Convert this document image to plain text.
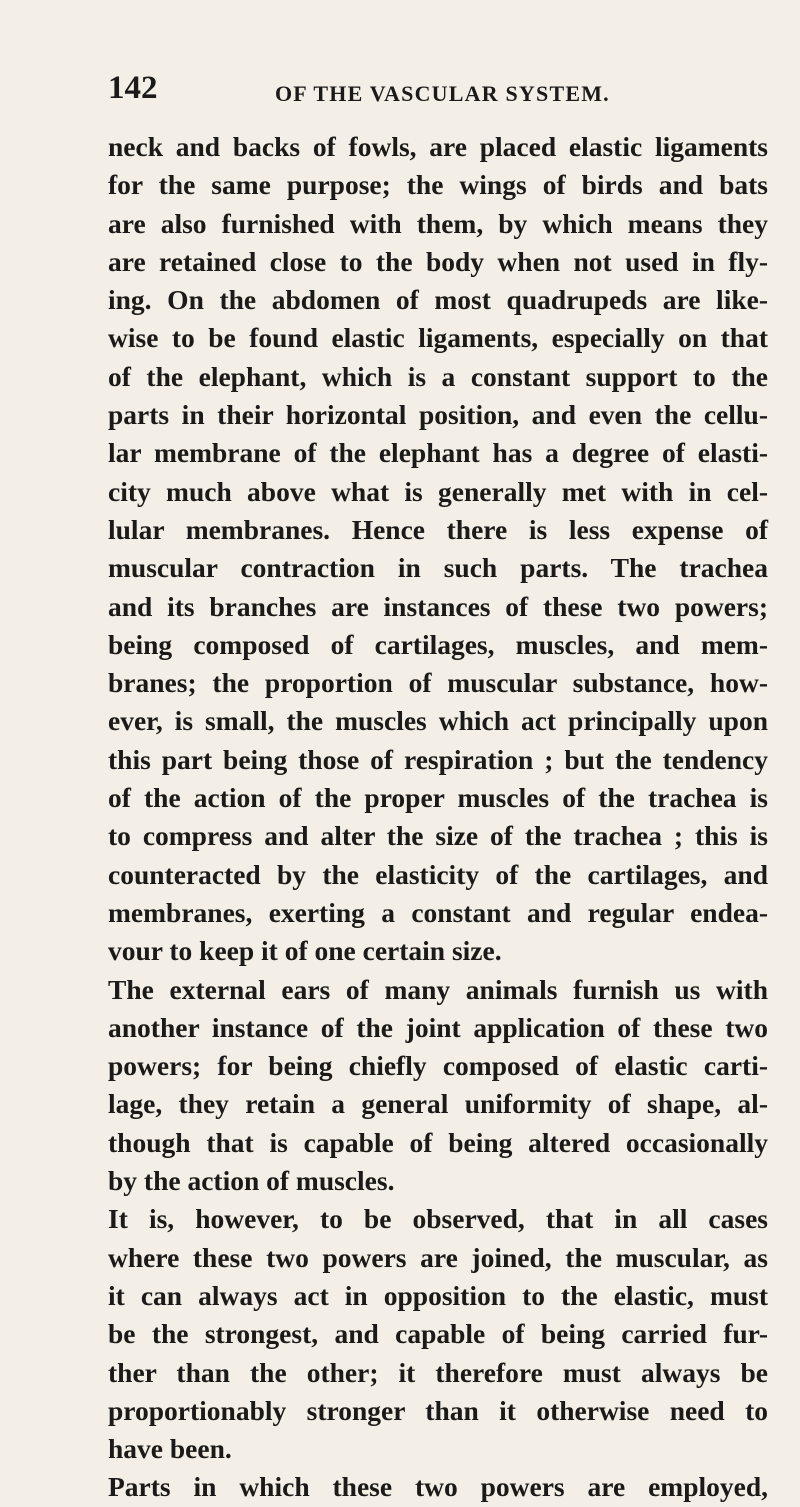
142	OF THE VASCULAR SYSTEM.
neck and backs of fowls, are placed elastic ligaments
for the same purpose; the wings of birds and bats
are also furnished with them, by which means they
are retained close to the body when not used in fly-
ing. On the abdomen of most quadrupeds are like-
wise to be found elastic ligaments, especially on that
of the elephant, which is a constant support to the
parts in their horizontal position, and even the cellu-
lar membrane of the elephant has a degree of elasti-
city much above what is generally met with in cel-
lular membranes. Hence there is less expense of
muscular contraction in such parts. The trachea
and its branches are instances of these two powers;
being composed of cartilages, muscles, and mem-
branes; the proportion of muscular substance, how-
ever, is small, the muscles which act principally upon
this part being those of respiration ; but the tendency
of the action of the proper muscles of the trachea is
to compress and alter the size of the trachea ; this is
counteracted by the elasticity of the cartilages, and
membranes, exerting a constant and regular endea-
vour to keep it of one certain size.
The external ears of many animals furnish us with
another instance of the joint application of these two
powers; for being chiefly composed of elastic carti-
lage, they retain a general uniformity of shape, al-
though that is capable of being altered occasionally
by the action of muscles.
It is, however, to be observed, that in all cases
where these two powers are joined, the muscular, as
it can always act in opposition to the elastic, must
be the strongest, and capable of being carried fur-
ther than the other; it therefore must always be
proportionably stronger than it otherwise need to
have been.
Parts in which these two powers are employed,
